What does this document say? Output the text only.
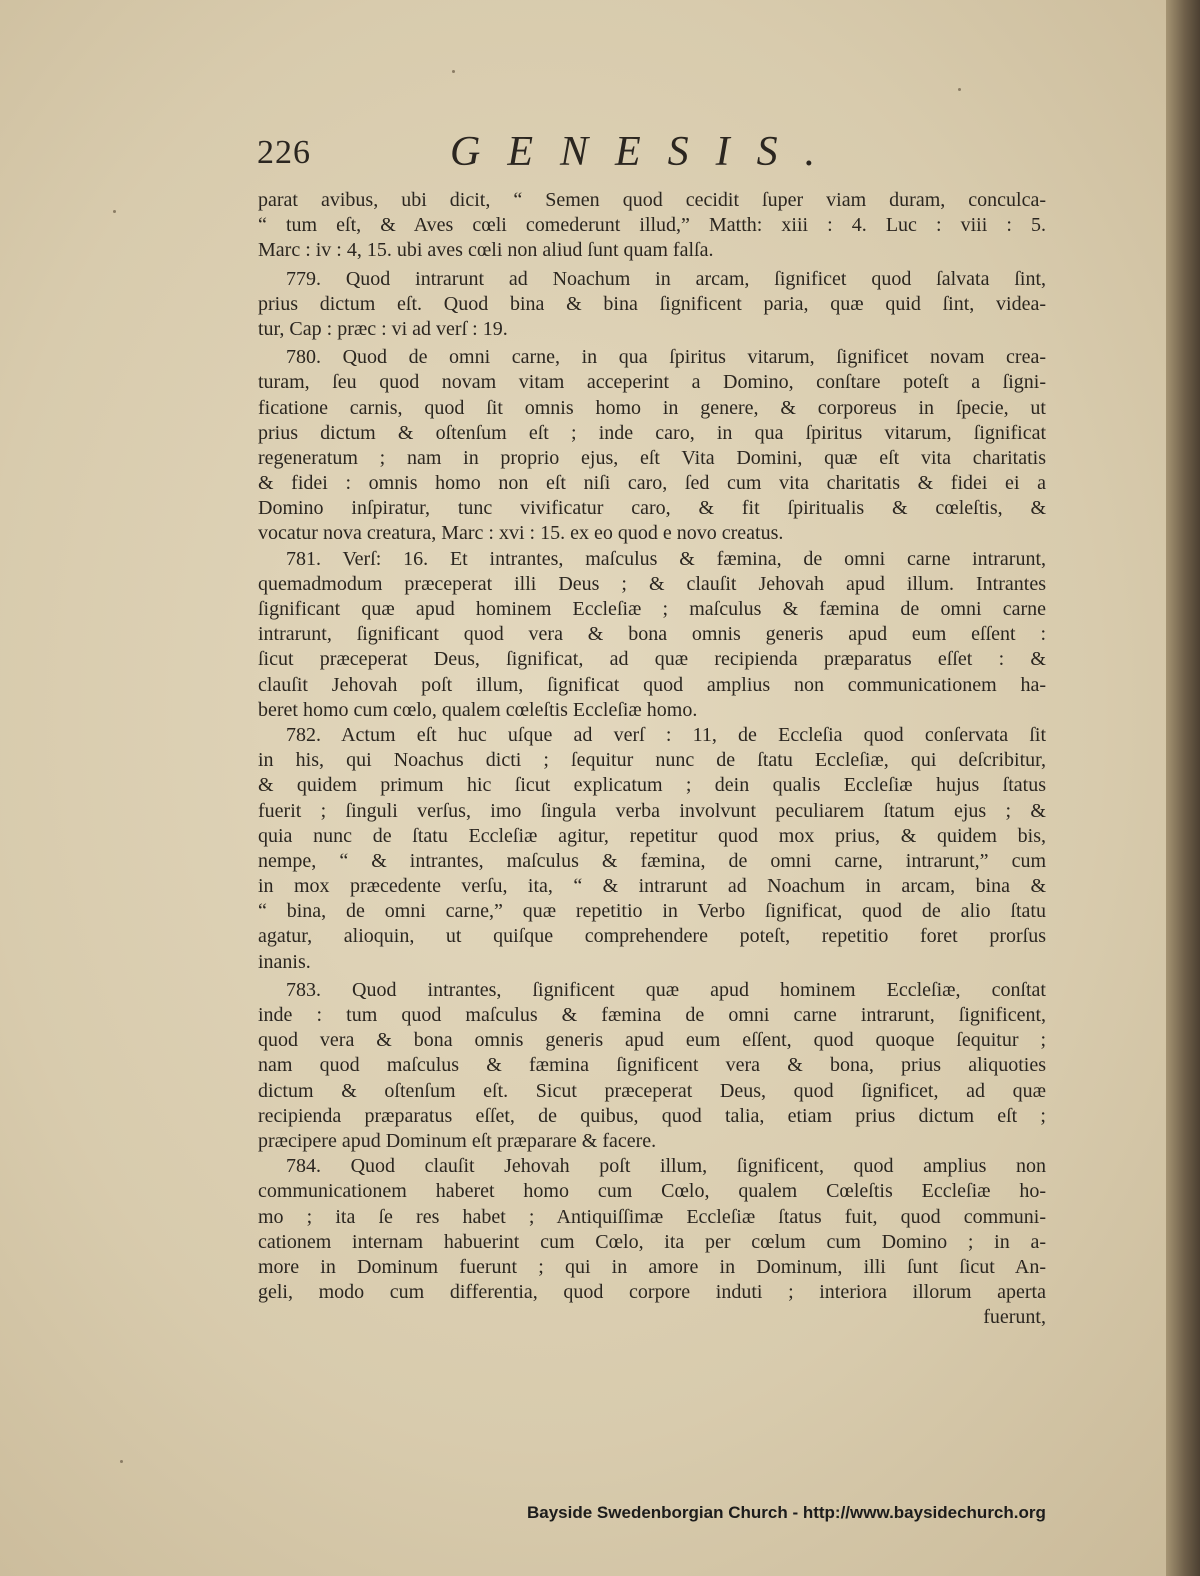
226	GENESIS.
parat avibus, ubi dicit, “ Semen quod cecidit ſuper viam duram, conculca-
“ tum eſt, & Aves cœli comederunt illud,” Matth: xiii : 4. Luc : viii : 5.
Marc : iv : 4, 15. ubi aves cœli non aliud ſunt quam falſa.
779. Quod intrarunt ad Noachum in arcam, ſignificet quod ſalvata ſint,
prius dictum eſt. Quod bina & bina ſignificent paria, quæ quid ſint, videa-
tur, Cap : præc : vi ad verſ : 19.
780. Quod de omni carne, in qua ſpiritus vitarum, ſignificet novam crea-
turam, ſeu quod novam vitam acceperint a Domino, conſtare poteſt a ſigni-
ficatione carnis, quod ſit omnis homo in genere, & corporeus in ſpecie, ut
prius dictum & oſtenſum eſt ; inde caro, in qua ſpiritus vitarum, ſignificat
regeneratum ; nam in proprio ejus, eſt Vita Domini, quæ eſt vita charitatis
& fidei : omnis homo non eſt niſi caro, ſed cum vita charitatis & fidei ei a
Domino inſpiratur, tunc vivificatur caro, & fit ſpiritualis & cœleſtis, &
vocatur nova creatura, Marc : xvi : 15. ex eo quod e novo creatus.
781. Verſ: 16. Et intrantes, maſculus & fæmina, de omni carne intrarunt,
quemadmodum præceperat illi Deus ; & clauſit Jehovah apud illum. Intrantes
ſignificant quæ apud hominem Eccleſiæ ; maſculus & fæmina de omni carne
intrarunt, ſignificant quod vera & bona omnis generis apud eum eſſent :
ſicut præceperat Deus, ſignificat, ad quæ recipienda præparatus eſſet : &
clauſit Jehovah poſt illum, ſignificat quod amplius non communicationem ha-
beret homo cum cœlo, qualem cœleſtis Eccleſiæ homo.
782. Actum eſt huc uſque ad verſ : 11, de Eccleſia quod conſervata ſit
in his, qui Noachus dicti ; ſequitur nunc de ſtatu Eccleſiæ, qui deſcribitur,
& quidem primum hic ſicut explicatum ; dein qualis Eccleſiæ hujus ſtatus
fuerit ; ſinguli verſus, imo ſingula verba involvunt peculiarem ſtatum ejus ; &
quia nunc de ſtatu Eccleſiæ agitur, repetitur quod mox prius, & quidem bis,
nempe, “ & intrantes, maſculus & fæmina, de omni carne, intrarunt,” cum
in mox præcedente verſu, ita, “ & intrarunt ad Noachum in arcam, bina &
“ bina, de omni carne,” quæ repetitio in Verbo ſignificat, quod de alio ſtatu
agatur, alioquin, ut quiſque comprehendere poteſt, repetitio foret prorſus
inanis.
783. Quod intrantes, ſignificent quæ apud hominem Eccleſiæ, conſtat
inde : tum quod maſculus & fæmina de omni carne intrarunt, ſignificent,
quod vera & bona omnis generis apud eum eſſent, quod quoque ſequitur ;
nam quod maſculus & fæmina ſignificent vera & bona, prius aliquoties
dictum & oſtenſum eſt. Sicut præceperat Deus, quod ſignificet, ad quæ
recipienda præparatus eſſet, de quibus, quod talia, etiam prius dictum eſt ;
præcipere apud Dominum eſt præparare & facere.
784. Quod clauſit Jehovah poſt illum, ſignificent, quod amplius non
communicationem haberet homo cum Cœlo, qualem Cœleſtis Eccleſiæ ho-
mo ; ita ſe res habet ; Antiquiſſimæ Eccleſiæ ſtatus fuit, quod communi-
cationem internam habuerint cum Cœlo, ita per cœlum cum Domino ; in a-
more in Dominum fuerunt ; qui in amore in Dominum, illi ſunt ſicut An-
geli, modo cum differentia, quod corpore induti ; interiora illorum aperta
fuerunt,
Bayside Swedenborgian Church - http://www.baysidechurch.org
